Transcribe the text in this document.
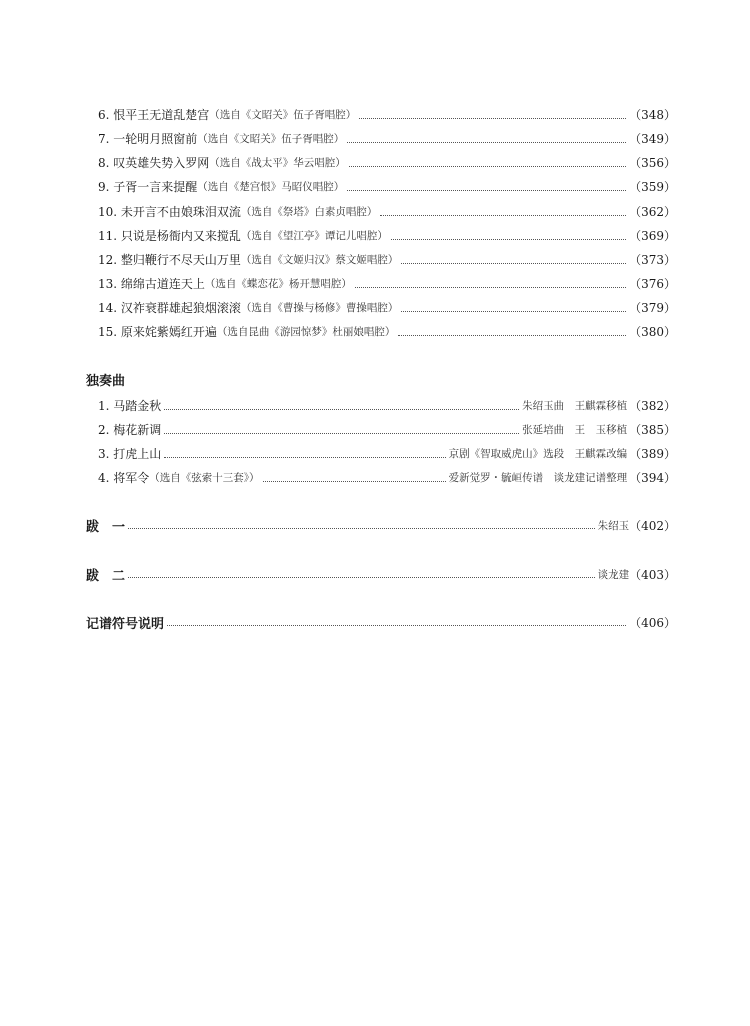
6. 恨平王无道乱楚宫 （选自《文昭关》伍子胥唱腔）	（348）
7. 一轮明月照窗前 （选自《文昭关》伍子胥唱腔）	（349）
8. 叹英雄失势入罗网 （选自《战太平》华云唱腔）	（356）
9. 子胥一言来提醒 （选自《楚宫恨》马昭仪唱腔）	（359）
10. 未开言不由娘珠泪双流 （选自《祭塔》白素贞唱腔）	（362）
11. 只说是杨衙内又来搅乱 （选自《望江亭》谭记儿唱腔）	（369）
12. 整归鞭行不尽天山万里 （选自《文姬归汉》蔡文姬唱腔）	（373）
13. 绵绵古道连天上 （选自《蝶恋花》杨开慧唱腔）	（376）
14. 汉祚衰群雄起狼烟滚滚 （选自《曹操与杨修》曹操唱腔）	（379）
15. 原来姹紫嫣红开遍 （选自昆曲《游园惊梦》杜丽娘唱腔）	（380）
独奏曲
1. 马踏金秋	朱绍玉曲　王麒霖移植 （382）
2. 梅花新调	张延培曲　王　玉移植 （385）
3. 打虎上山	京剧《智取威虎山》选段　王麒霖改编 （389）
4. 将军令 （选自《弦索十三套》）	爱新觉罗・毓峘传谱　谈龙建记谱整理 （394）
跋　一	朱绍玉 （402）
跋　二	谈龙建 （403）
记谱符号说明	（406）
